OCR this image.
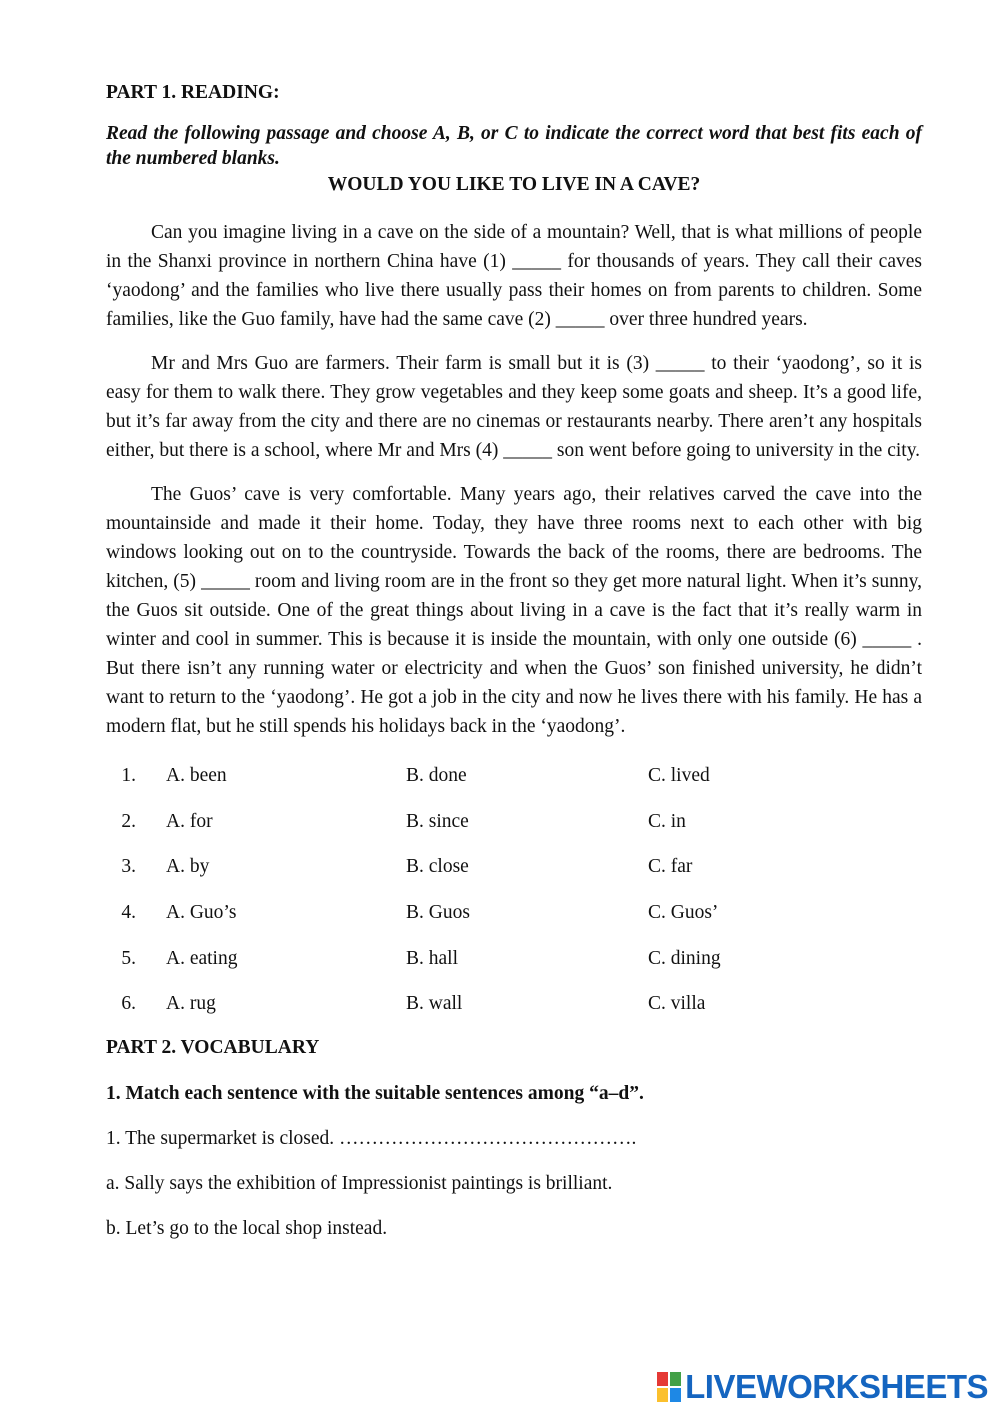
PART 1. READING:

Read the following passage and choose A, B, or C to indicate the correct word that best fits each of the numbered blanks.

WOULD YOU LIKE TO LIVE IN A CAVE?

Can you imagine living in a cave on the side of a mountain? Well, that is what millions of people in the Shanxi province in northern China have (1) _____ for thousands of years. They call their caves ‘yaodong’ and the families who live there usually pass their homes on from parents to children. Some families, like the Guo family, have had the same cave (2) _____ over three hundred years.

Mr and Mrs Guo are farmers. Their farm is small but it is (3) _____ to their ‘yaodong’, so it is easy for them to walk there. They grow vegetables and they keep some goats and sheep. It’s a good life, but it’s far away from the city and there are no cinemas or restaurants nearby. There aren’t any hospitals either, but there is a school, where Mr and Mrs (4) _____ son went before going to university in the city.

The Guos’ cave is very comfortable. Many years ago, their relatives carved the cave into the mountainside and made it their home. Today, they have three rooms next to each other with big windows looking out on to the countryside. Towards the back of the rooms, there are bedrooms. The kitchen, (5) _____ room and living room are in the front so they get more natural light. When it’s sunny, the Guos sit outside. One of the great things about living in a cave is the fact that it’s really warm in winter and cool in summer. This is because it is inside the mountain, with only one outside (6) _____ . But there isn’t any running water or electricity and when the Guos’ son finished university, he didn’t want to return to the ‘yaodong’. He got a job in the city and now he lives there with his family. He has a modern flat, but he still spends his holidays back in the ‘yaodong’.

1. A. been	B. done	C. lived
2. A. for	B. since	C. in
3. A. by	B. close	C. far
4. A. Guo’s	B. Guos	C. Guos’
5. A. eating	B. hall	C. dining
6. A. rug	B. wall	C. villa

PART 2. VOCABULARY

1. Match each sentence with the suitable sentences among “a–d”.

1. The supermarket is closed. ……………………………………….

a. Sally says the exhibition of Impressionist paintings is brilliant.

b. Let’s go to the local shop instead.

LIVEWORKSHEETS
